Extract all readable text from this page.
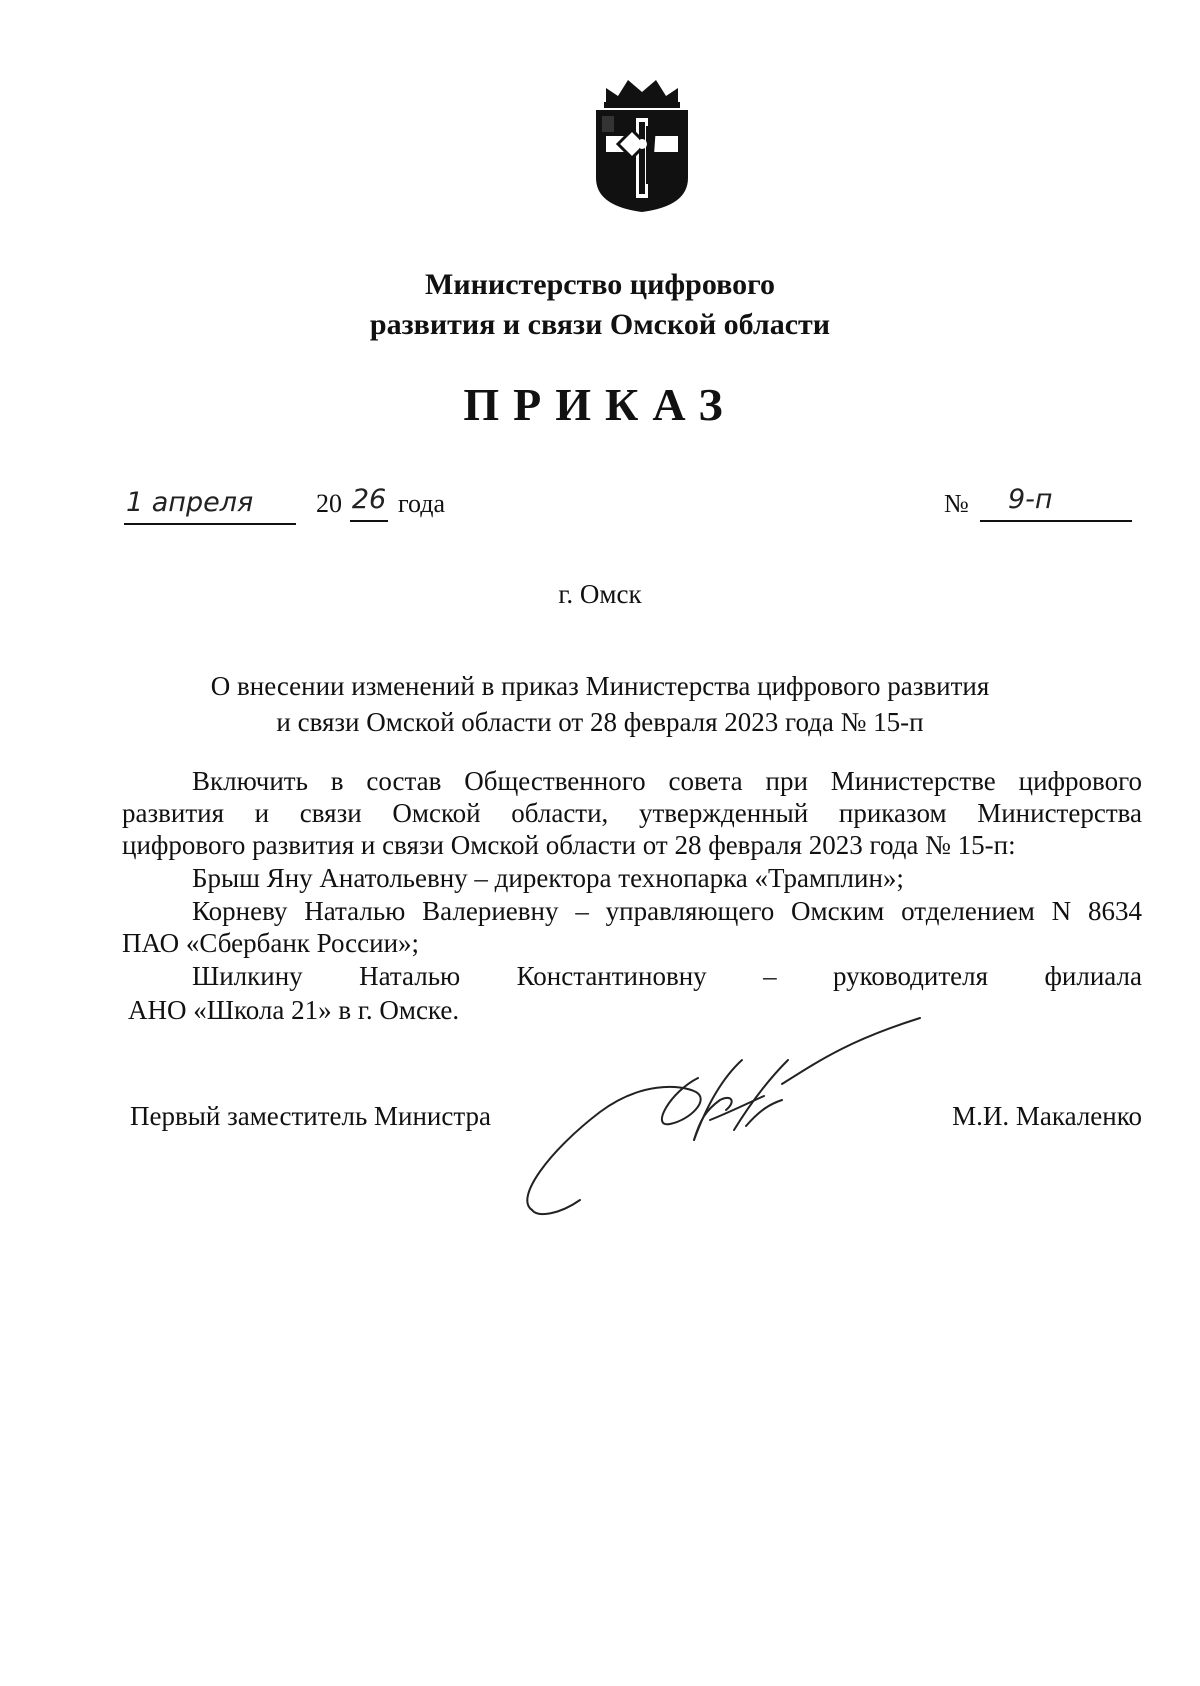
Министерство цифрового
развития и связи Омской области
ПРИКАЗ
1 апреля 20 26 года	№ 9-п
г. Омск
О внесении изменений в приказ Министерства цифрового развития
и связи Омской области от 28 февраля 2023 года № 15-п
Включить в состав Общественного совета при Министерстве цифрового
развития и связи Омской области, утвержденный приказом Министерства
цифрового развития и связи Омской области от 28 февраля 2023 года № 15-п:
Брыш Яну Анатольевну – директора технопарка «Трамплин»;
Корневу Наталью Валериевну – управляющего Омским отделением N 8634
ПАО «Сбербанк России»;
Шилкину Наталью Константиновну – руководителя филиала
АНО «Школа 21» в г. Омске.
Первый заместитель Министра	М.И. Макаленко
